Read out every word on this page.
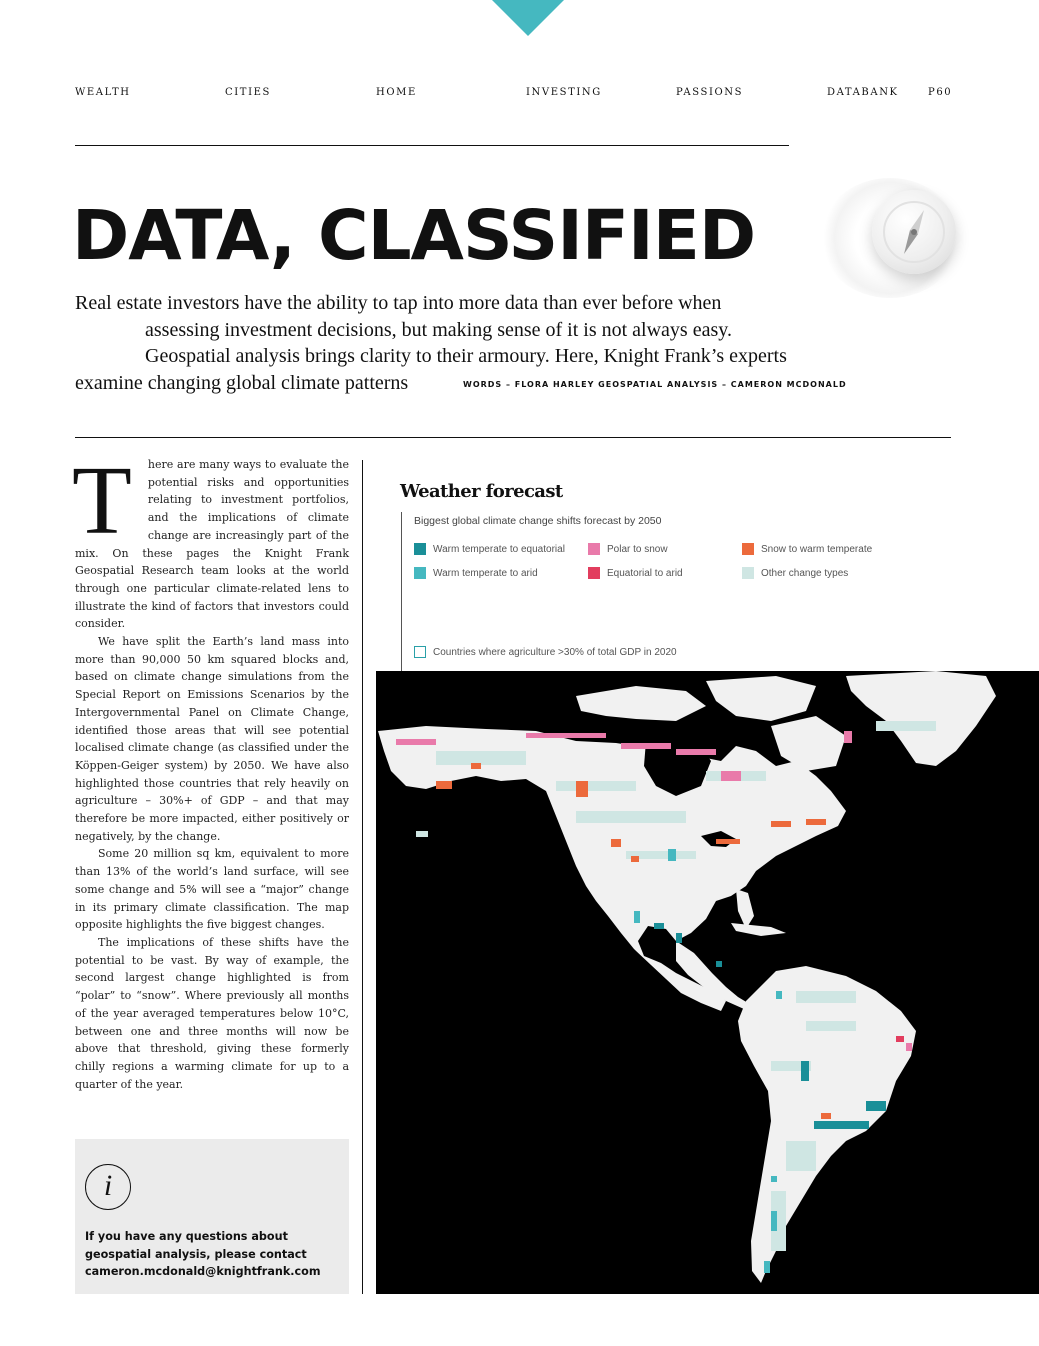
WEALTH	CITIES	HOME	INVESTING	PASSIONS	DATABANK	P60
DATA, CLASSIFIED
Real estate investors have the ability to tap into more data than ever before when
assessing investment decisions, but making sense of it is not always easy.
Geospatial analysis brings clarity to their armoury. Here, Knight Frank’s experts
examine changing global climate patterns	WORDS – FLORA HARLEY GEOSPATIAL ANALYSIS – CAMERON MCDONALD
T	here are many ways to evaluate the potential risks and opportunities relating to investment portfolios, and the implications of climate change are increasingly part of the mix. On these pages the Knight Frank Geospatial Research team looks at the world through one particular climate-related lens to illustrate the kind of factors that investors could consider.

We have split the Earth’s land mass into more than 90,000 50 km squared blocks and, based on climate change simulations from the Special Report on Emissions Scenarios by the Intergovernmental Panel on Climate Change, identified those areas that will see potential localised climate change (as classified under the Köppen-Geiger system) by 2050. We have also highlighted those countries that rely heavily on agriculture – 30%+ of GDP – and that may therefore be more impacted, either positively or negatively, by the change.

Some 20 million sq km, equivalent to more than 13% of the world’s land surface, will see some change and 5% will see a “major” change in its primary climate classification. The map opposite highlights the five biggest changes.

The implications of these shifts have the potential to be vast. By way of example, the second largest change highlighted is from “polar” to “snow”. Where previously all months of the year averaged temperatures below 10°C, between one and three months will now be above that threshold, giving these formerly chilly regions a warming climate for up to a quarter of the year.

i
If you have any questions about geospatial analysis, please contact cameron.mcdonald@knightfrank.com
Weather forecast
Biggest global climate change shifts forecast by 2050
Warm temperate to equatorial	Polar to snow	Snow to warm temperate
Warm temperate to arid	Equatorial to arid	Other change types
Countries where agriculture >30% of total GDP in 2020
